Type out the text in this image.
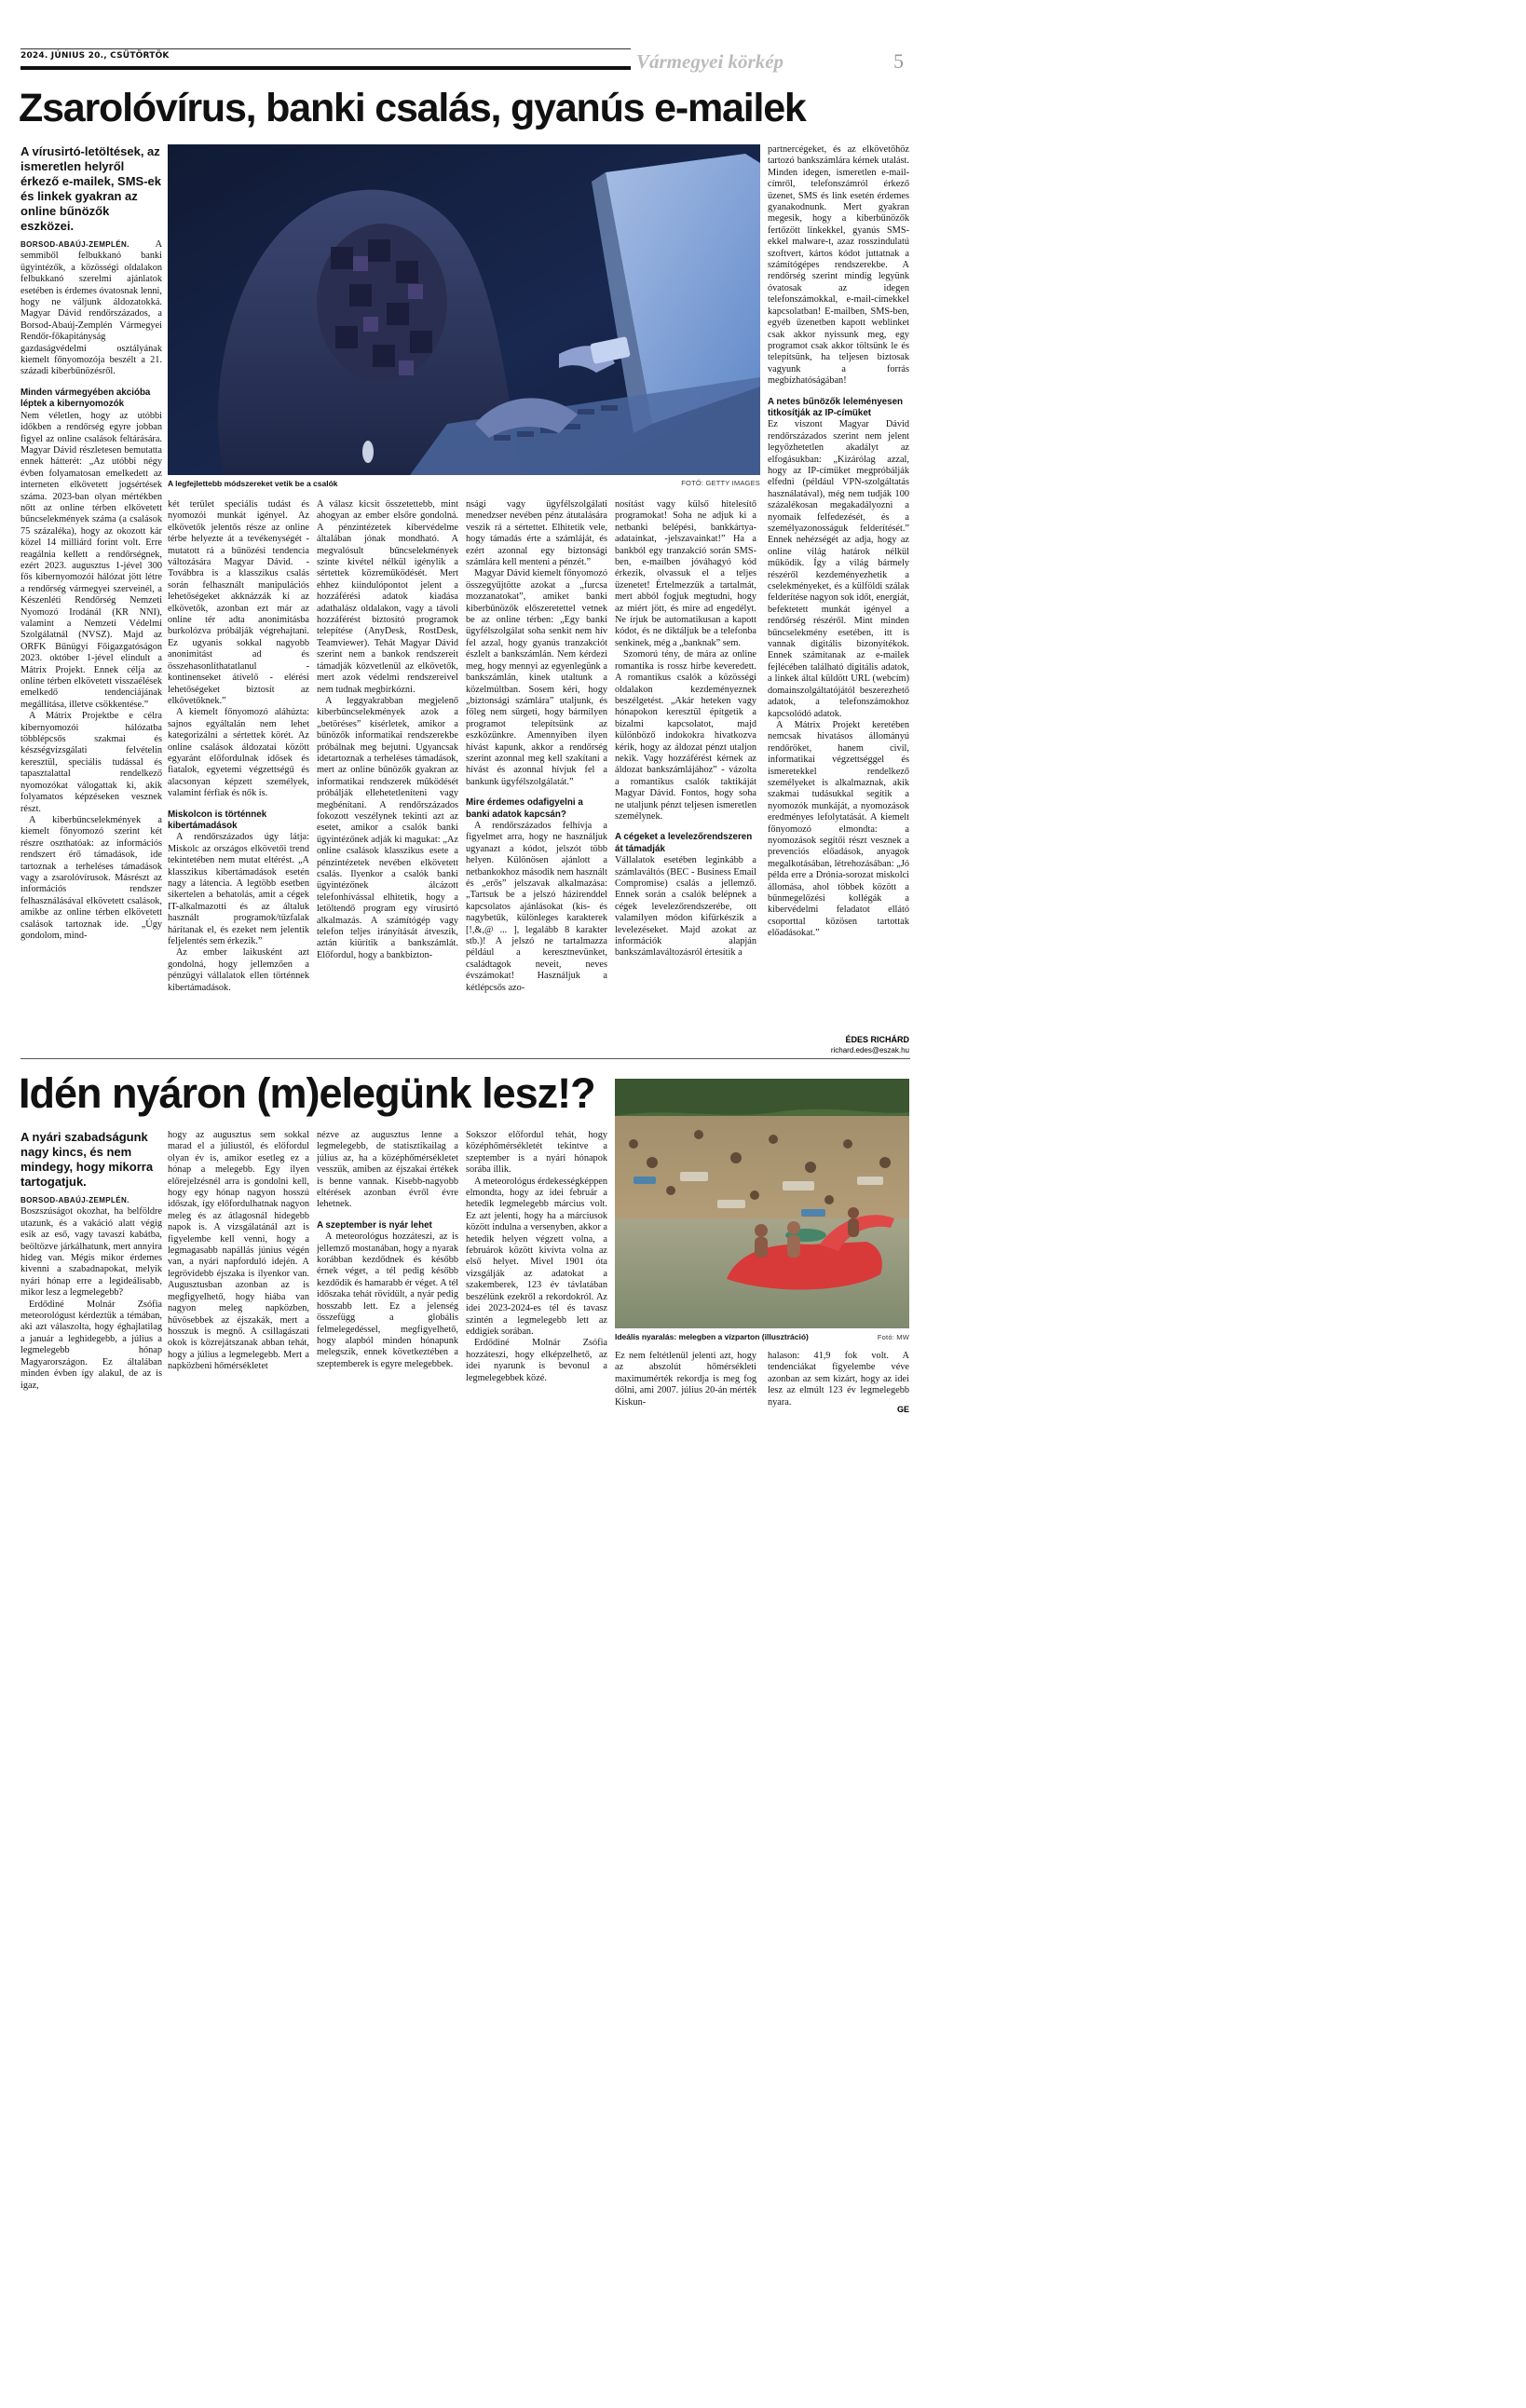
2024. JÚNIUS 20., CSÜTÖRTÖK	Vármegyei körkép	5
Zsarolóvírus, banki csalás, gyanús e-mailek
A vírusirtó-letöltések, az ismeretlen helyről érkező e-mailek, SMS-ek és linkek gyakran az online bűnözők eszközei.

BORSOD-ABAÚJ-ZEMPLÉN.	A semmiből felbukkanó banki ügyintézők, a közösségi oldalakon felbukkanó szerelmi ajánlatok esetében is érdemes óvatosnak lenni, hogy ne váljunk áldozatokká. Magyar Dávid rendőrszázados, a Borsod-Abaúj-Zemplén Vármegyei Rendőr-főkapitányság gazdaságvédelmi osztályának kiemelt főnyomozója beszélt a 21. századi kiberbűnözésről.

Minden vármegyében akcióba léptek a kibernyomozók

Nem véletlen, hogy az utóbbi időkben a rendőrség egyre jobban figyel az online csalások feltárására. Magyar Dávid részletesen bemutatta ennek hátterét: „Az utóbbi négy évben folyamatosan emelkedett az interneten elkövetett jogsértések száma. 2023-ban olyan mértékben nőtt az online térben elkövetett bűncselekmények száma (a csalások 75 százaléka), hogy az okozott kár közel 14 milliárd forint volt. Erre reagálnia kellett a rendőrségnek, ezért 2023. augusztus 1-jével 300 fős kibernyomozói hálózat jött létre a rendőrség vármegyei szerveinél, a Készenléti Rendőrség Nemzeti Nyomozó Irodánál (KR NNI), valamint a Nemzeti Védelmi Szolgálatnál (NVSZ). Majd az ORFK Bűnügyi Főigazgatóságon 2023. október 1-jével elindult a Mátrix Projekt. Ennek célja az online térben elkövetett visszaélések emelkedő tendenciájának megállítása, illetve csökkentése.”

A Mátrix Projektbe e célra kibernyomozói hálózatba többlépcsős szakmai és készségvizsgálati felvételin keresztül, speciális tudással és tapasztalattal rendelkező nyomozókat válogattak ki, akik folyamatos képzéseken vesznek részt.

A kiberbűncselekmények a kiemelt főnyomozó szerint két részre oszthatóak: az információs rendszert érő támadások, ide tartoznak a terheléses támadások vagy a zsarolóvírusok. Másrészt az információs rendszer felhasználásával elkövetett csalások, amikbe az online térben elkövetett csalások tartoznak ide. „Úgy gondolom, mind-

A legfejlettebb módszereket vetik be a csalók	FOTÓ: GETTY IMAGES

két terület speciális tudást és nyomozói munkát igényel. Az elkövetők jelentős része az online térbe helyezte át a tevékenységét - mutatott rá a bűnözési tendencia változására Magyar Dávid. - Továbbra is a klasszikus csalás során felhasznált manipulációs lehetőségeket akknázzák ki az elkövetők, azonban ezt már az online tér adta anonimitásba burkolózva próbálják végrehajtani. Ez ugyanis sokkal nagyobb anonimitást ad és összehasonlíthatatlanul - kontinenseket átívelő - elérési lehetőségeket biztosít az elkövetőknek.”

A kiemelt főnyomozó aláhúzta: sajnos egyáltalán nem lehet kategorizálni a sértettek körét. Az online csalások áldozatai között egyaránt előfordulnak idősek és fiatalok, egyetemi végzettségű és alacsonyan képzett személyek, valamint férfiak és nők is.

Miskolcon is történnek kibertámadások

A rendőrszázados úgy látja: Miskolc az országos elkövetői trend tekintetében nem mutat eltérést. „A klasszikus kibertámadások esetén nagy a látencia. A legtöbb esetben sikertelen a behatolás, amit a cégek IT-alkalmazotti és az általuk használt programok/tűzfalak hárítanak el, és ezeket nem jelentik feljelentés sem érkezik.”

Az ember laikusként azt gondolná, hogy jellemzően a pénzügyi vállalatok ellen történnek kibertámadások.

A válasz kicsit összetettebb, mint ahogyan az ember elsőre gondolná. A pénzintézetek kibervédelme általában jónak mondható. A megvalósult bűncselekmények szinte kivétel nélkül igénylik a sértettek közreműködését. Mert ehhez kiindulópontot jelent a hozzáférési adatok kiadása adathalász oldalakon, vagy a távoli hozzáférést biztosító programok telepítése (AnyDesk, RostDesk, Teamviewer). Tehát Magyar Dávid szerint nem a bankok rendszereit támadják közvetlenül az elkövetők, mert azok védelmi rendszereivel nem tudnak megbirkózni.

A leggyakrabban megjelenő kiberbűncselekmények azok a „betöréses” kísérletek, amikor a bűnözők informatikai rendszerekbe próbálnak meg bejutni. Ugyancsak idetartoznak a terheléses támadások, mert az online bűnözők gyakran az informatikai rendszerek működését próbálják ellehetetleníteni vagy megbénítani. A rendőrszázados fokozott veszélynek tekinti azt az esetet, amikor a csalók banki ügyintézőnek adják ki magukat: „Az online csalások klasszikus esete a pénzintézetek nevében elkövetett csalás. Ilyenkor a csalók banki ügyintézőnek álcázott telefonhívással elhitetik, hogy a letöltendő program egy vírusirtó alkalmazás. A számítógép vagy telefon teljes irányítását átveszik, aztán kiürítik a bankszámlát. Előfordul, hogy a bankbizton-

nsági vagy ügyfélszolgálati menedzser nevében pénz átutalására veszik rá a sértettet. Elhitetik vele, hogy támadás érte a számláját, és ezért azonnal egy biztonsági számlára kell menteni a pénzét.”

Magyar Dávid kiemelt főnyomozó összegyűjtötte azokat a „furcsa mozzanatokat”, amiket banki kiberbűnözők előszeretettel vetnek be az online térben: „Egy banki ügyfélszolgálat soha senkit nem hív fel azzal, hogy gyanús tranzakciót észlelt a bankszámlán. Nem kérdezi meg, hogy mennyi az egyenlegünk a bankszámlán, kinek utaltunk a közelmúltban. Sosem kéri, hogy „biztonsági számlára” utaljunk, és főleg nem sürgeti, hogy bármilyen programot telepítsünk az eszközünkre. Amennyiben ilyen hívást kapunk, akkor a rendőrség szerint azonnal meg kell szakítani a hívást és azonnal hívjuk fel a bankunk ügyfélszolgálatát.”

Mire érdemes odafigyelni a banki adatok kapcsán?

A rendőrszázados felhívja a figyelmet arra, hogy ne használjuk ugyanazt a kódot, jelszót több helyen. Különösen ajánlott a netbankokhoz második nem használt és „erős” jelszavak alkalmazása: „Tartsuk be a jelszó házirenddel kapcsolatos ajánlásokat (kis- és nagybetűk, különleges karakterek [!,&,@ ... ], legalább 8 karakter stb.)! A jelszó ne tartalmazza például a keresztnevünket, családtagok neveit, neves évszámokat! Használjuk a kétlépcsős azo-

nosítást vagy külső hitelesítő programokat! Soha ne adjuk ki a netbanki belépési, bankkártya-adatainkat, -jelszavainkat!” Ha a bankból egy tranzakció során SMS-ben, e-mailben jóváhagyó kód érkezik, olvassuk el a teljes üzenetet! Értelmezzük a tartalmát, mert abból fogjuk megtudni, hogy az miért jött, és mire ad engedélyt. Ne írjuk be automatikusan a kapott kódot, és ne diktáljuk be a telefonba senkinek, még a „banknak” sem.

Szomorú tény, de mára az online romantika is rossz hírbe keveredett. A romantikus csalók a közösségi oldalakon kezdeményeznek beszélgetést. „Akár heteken vagy hónapokon keresztül építgetik a bizalmi kapcsolatot, majd különböző indokokra hivatkozva kérik, hogy az áldozat pénzt utaljon nekik. Vagy hozzáférést kérnek az áldozat bankszámlájához” - vázolta a romantikus csalók taktikáját Magyar Dávid. Fontos, hogy soha ne utaljunk pénzt teljesen ismeretlen személynek.

A cégeket a levelezőrendszeren át támadják

Vállalatok esetében leginkább a számlaváltós (BEC - Business Email Compromise) csalás a jellemző. Ennek során a csalók belépnek a cégek levelezőrendszerébe, ott valamilyen módon kifürkészik a levelezéseket. Majd azokat az információk alapján bankszámlaváltozásról értesítik a

partnercégeket, és az elkövetőhöz tartozó bankszámlára kérnek utalást. Minden idegen, ismeretlen e-mail-címről, telefonszámról érkező üzenet, SMS és link esetén érdemes gyanakodnunk. Mert gyakran megesik, hogy a kiberbűnözők fertőzött linkekkel, gyanús SMS-ekkel malware-t, azaz rosszindulatú szoftvert, kártos kódot juttatnak a számítógépes rendszerekbe. A rendőrség szerint mindig legyünk óvatosak az idegen telefonszámokkal, e-mail-címekkel kapcsolatban! E-mailben, SMS-ben, egyéb üzenetben kapott weblinket csak akkor nyissunk meg, egy programot csak akkor töltsünk le és telepítsünk, ha teljesen biztosak vagyunk a forrás megbízhatóságában!

A netes bűnözők leleményesen titkosítják az IP-címüket

Ez viszont Magyar Dávid rendőrszázados szerint nem jelent legyőzhetetlen akadályt az elfogásukban: „Kizárólag azzal, hogy az IP-címüket megpróbálják elfedni (például VPN-szolgáltatás használatával), még nem tudják 100 százalékosan megakadályozni a nyomaik felfedezését, és a személyazonosságuk felderítését.” Ennek nehézségét az adja, hogy az online világ határok nélkül működik. Így a világ bármely részéről kezdeményezhetik a cselekményeket, és a külföldi szálak felderítése nagyon sok időt, energiát, befektetett munkát igényel a rendőrség részéről. Mint minden bűncselekmény esetében, itt is vannak digitális bizonyítékok. Ennek számítanak az e-mailek fejlécében található digitális adatok, a linkek által küldött URL (webcím) domainszolgáltatójától beszerezhető adatok, a telefonszámokhoz kapcsolódó adatok.

A Mátrix Projekt keretében nemcsak hivatásos állományú rendőröket, hanem civil, informatikai végzettséggel és ismeretekkel rendelkező személyeket is alkalmaznak, akik szakmai tudásukkal segítik a nyomozók munkáját, a nyomozások eredményes lefolytatását. A kiemelt főnyomozó elmondta: a nyomozások segítői részt vesznek a prevenciós előadások, anyagok megalkotásában, létrehozásában: „Jó példa erre a Drónia-sorozat miskolci állomása, ahol többek között a bűnmegelőzési kollégák a kibervédelmi feladatot ellátó csoporttal közösen tartottak előadásokat.”

ÉDES RICHÁRD
richard.edes@eszak.hu
Idén nyáron (m)elegünk lesz!?
A nyári szabadságunk nagy kincs, és nem mindegy, hogy mikorra tartogatjuk.

BORSOD-ABAÚJ-ZEMPLÉN. Boszszúságot okozhat, ha belföldre utazunk, és a vakáció alatt végig esik az eső, vagy tavaszi kabátba, beöltözve járkálhatunk, mert annyira hideg van. Mégis mikor érdemes kivenni a szabadnapokat, melyik nyári hónap erre a legideálisabb, mikor lesz a legmelegebb?

Erdődiné Molnár Zsófia meteorológust kérdeztük a témában, aki azt válaszolta, hogy éghajlatilag a január a leghidegebb, a július a legmelegebb hónap Magyarországon. Ez általában minden évben így alakul, de az is igaz,

hogy az augusztus sem sokkal marad el a júliustól, és előfordul olyan év is, amikor esetleg ez a hónap a melegebb. Egy ilyen előrejelzésnél arra is gondolni kell, hogy egy hónap nagyon hosszú időszak, így előfordulhatnak nagyon meleg és az átlagosnál hidegebb napok is. A vizsgálatánál azt is figyelembe kell venni, hogy a legmagasabb napállás június végén van, a nyári napforduló idején. A legrövidebb éjszaka is ilyenkor van. Augusztusban azonban az is megfigyelhető, hogy hiába van nagyon meleg napközben, hűvösebbek az éjszakák, mert a hosszuk is megnő. A csillagászati okok is közrejátszanak abban tehát, hogy a július a legmelegebb. Mert a napközbeni hőmérsékletet

nézve az augusztus lenne a legmelegebb, de statisztikailag a július az, ha a középhőmérsékletet vesszük, amiben az éjszakai értékek is benne vannak. Kisebb-nagyobb eltérések azonban évről évre lehetnek.

A szeptember is nyár lehet

A meteorológus hozzáteszi, az is jellemző mostanában, hogy a nyarak korábban kezdődnek és később érnek véget, a tél pedig később kezdődik és hamarabb ér véget. A tél időszaka tehát rövidült, a nyár pedig hosszabb lett. Ez a jelenség összefügg a globális felmelegedéssel, megfigyelhető, hogy alapból minden hónapunk melegszik, ennek következtében a szeptemberek is egyre melegebbek.

Sokszor előfordul tehát, hogy középhőmérsékletét tekintve a szeptember is a nyári hónapok sorába illik.

A meteorológus érdekességképpen elmondta, hogy az idei február a hetedik legmelegebb március volt. Ez azt jelenti, hogy ha a márciusok között indulna a versenyben, akkor a hetedik helyen végzett volna, a februárok között kivívta volna az első helyet. Mivel 1901 óta vizsgálják az adatokat a szakemberek, 123 év távlatában beszélünk ezekről a rekordokról. Az idei 2023-2024-es tél és tavasz szintén a legmelegebb lett az eddigiek sorában.

Erdődiné Molnár Zsófia hozzáteszi, hogy elképzelhető, az idei nyarunk is bevonul a legmelegebbek közé.

Ideális nyaralás: melegben a vízparton (illusztráció)	Fotó: MW

Ez nem feltétlenül jelenti azt, hogy az abszolút hőmérsékleti maximumérték rekordja is meg fog dőlni, ami 2007. július 20-án mérték Kiskun-

halason: 41,9 fok volt. A tendenciákat figyelembe véve azonban az sem kizárt, hogy az idei lesz az elmúlt 123 év legmelegebb nyara.

GE
